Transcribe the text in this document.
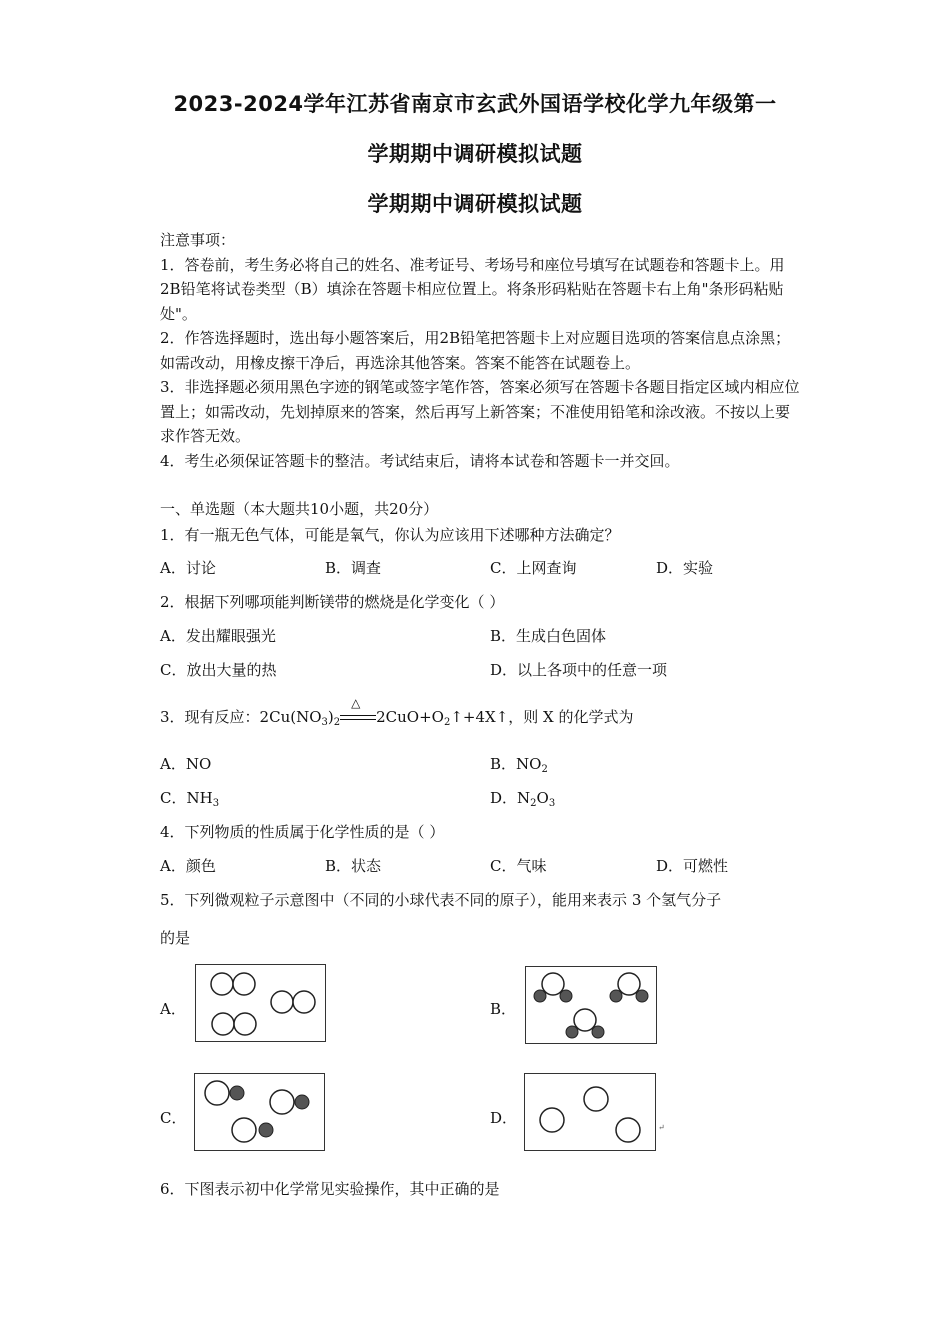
2023-2024学年江苏省南京市玄武外国语学校化学九年级第一
学期期中调研模拟试题
学期期中调研模拟试题

注意事项：

1．答卷前，考生务必将自己的姓名、准考证号、考场号和座位号填写在试题卷和答题卡上。用2B铅笔将试卷类型（B）填涂在答题卡相应位置上。将条形码粘贴在答题卡右上角"条形码粘贴处"。

2．作答选择题时，选出每小题答案后，用2B铅笔把答题卡上对应题目选项的答案信息点涂黑；如需改动，用橡皮擦干净后，再选涂其他答案。答案不能答在试题卷上。

3．非选择题必须用黑色字迹的钢笔或签字笔作答，答案必须写在答题卡各题目指定区域内相应位置上；如需改动，先划掉原来的答案，然后再写上新答案；不准使用铅笔和涂改液。不按以上要求作答无效。

4．考生必须保证答题卡的整洁。考试结束后，请将本试卷和答题卡一并交回。

一、单选题（本大题共10小题，共20分）
1．有一瓶无色气体，可能是氧气，你认为应该用下述哪种方法确定？
A．讨论	B．调查	C．上网查询	D．实验
2．根据下列哪项能判断镁带的燃烧是化学变化（ ）
A．发出耀眼强光	B．生成白色固体
C．放出大量的热	D．以上各项中的任意一项
3．现有反应：$2Cu(NO_3)_2$
△
$2CuO+O_2↑+4X↑$，则 X 的化学式为
A．NO	B．$NO_2$
C．$NH_3$	D．$N_2O_3$
4．下列物质的性质属于化学性质的是（ ）
A．颜色	B．状态	C．气味	D．可燃性
5．下列微观粒子示意图中（不同的小球代表不同的原子），能用来表示 3 个氢气分子
的是
A．	B．
C．	D．
↵
6．下图表示初中化学常见实验操作，其中正确的是
